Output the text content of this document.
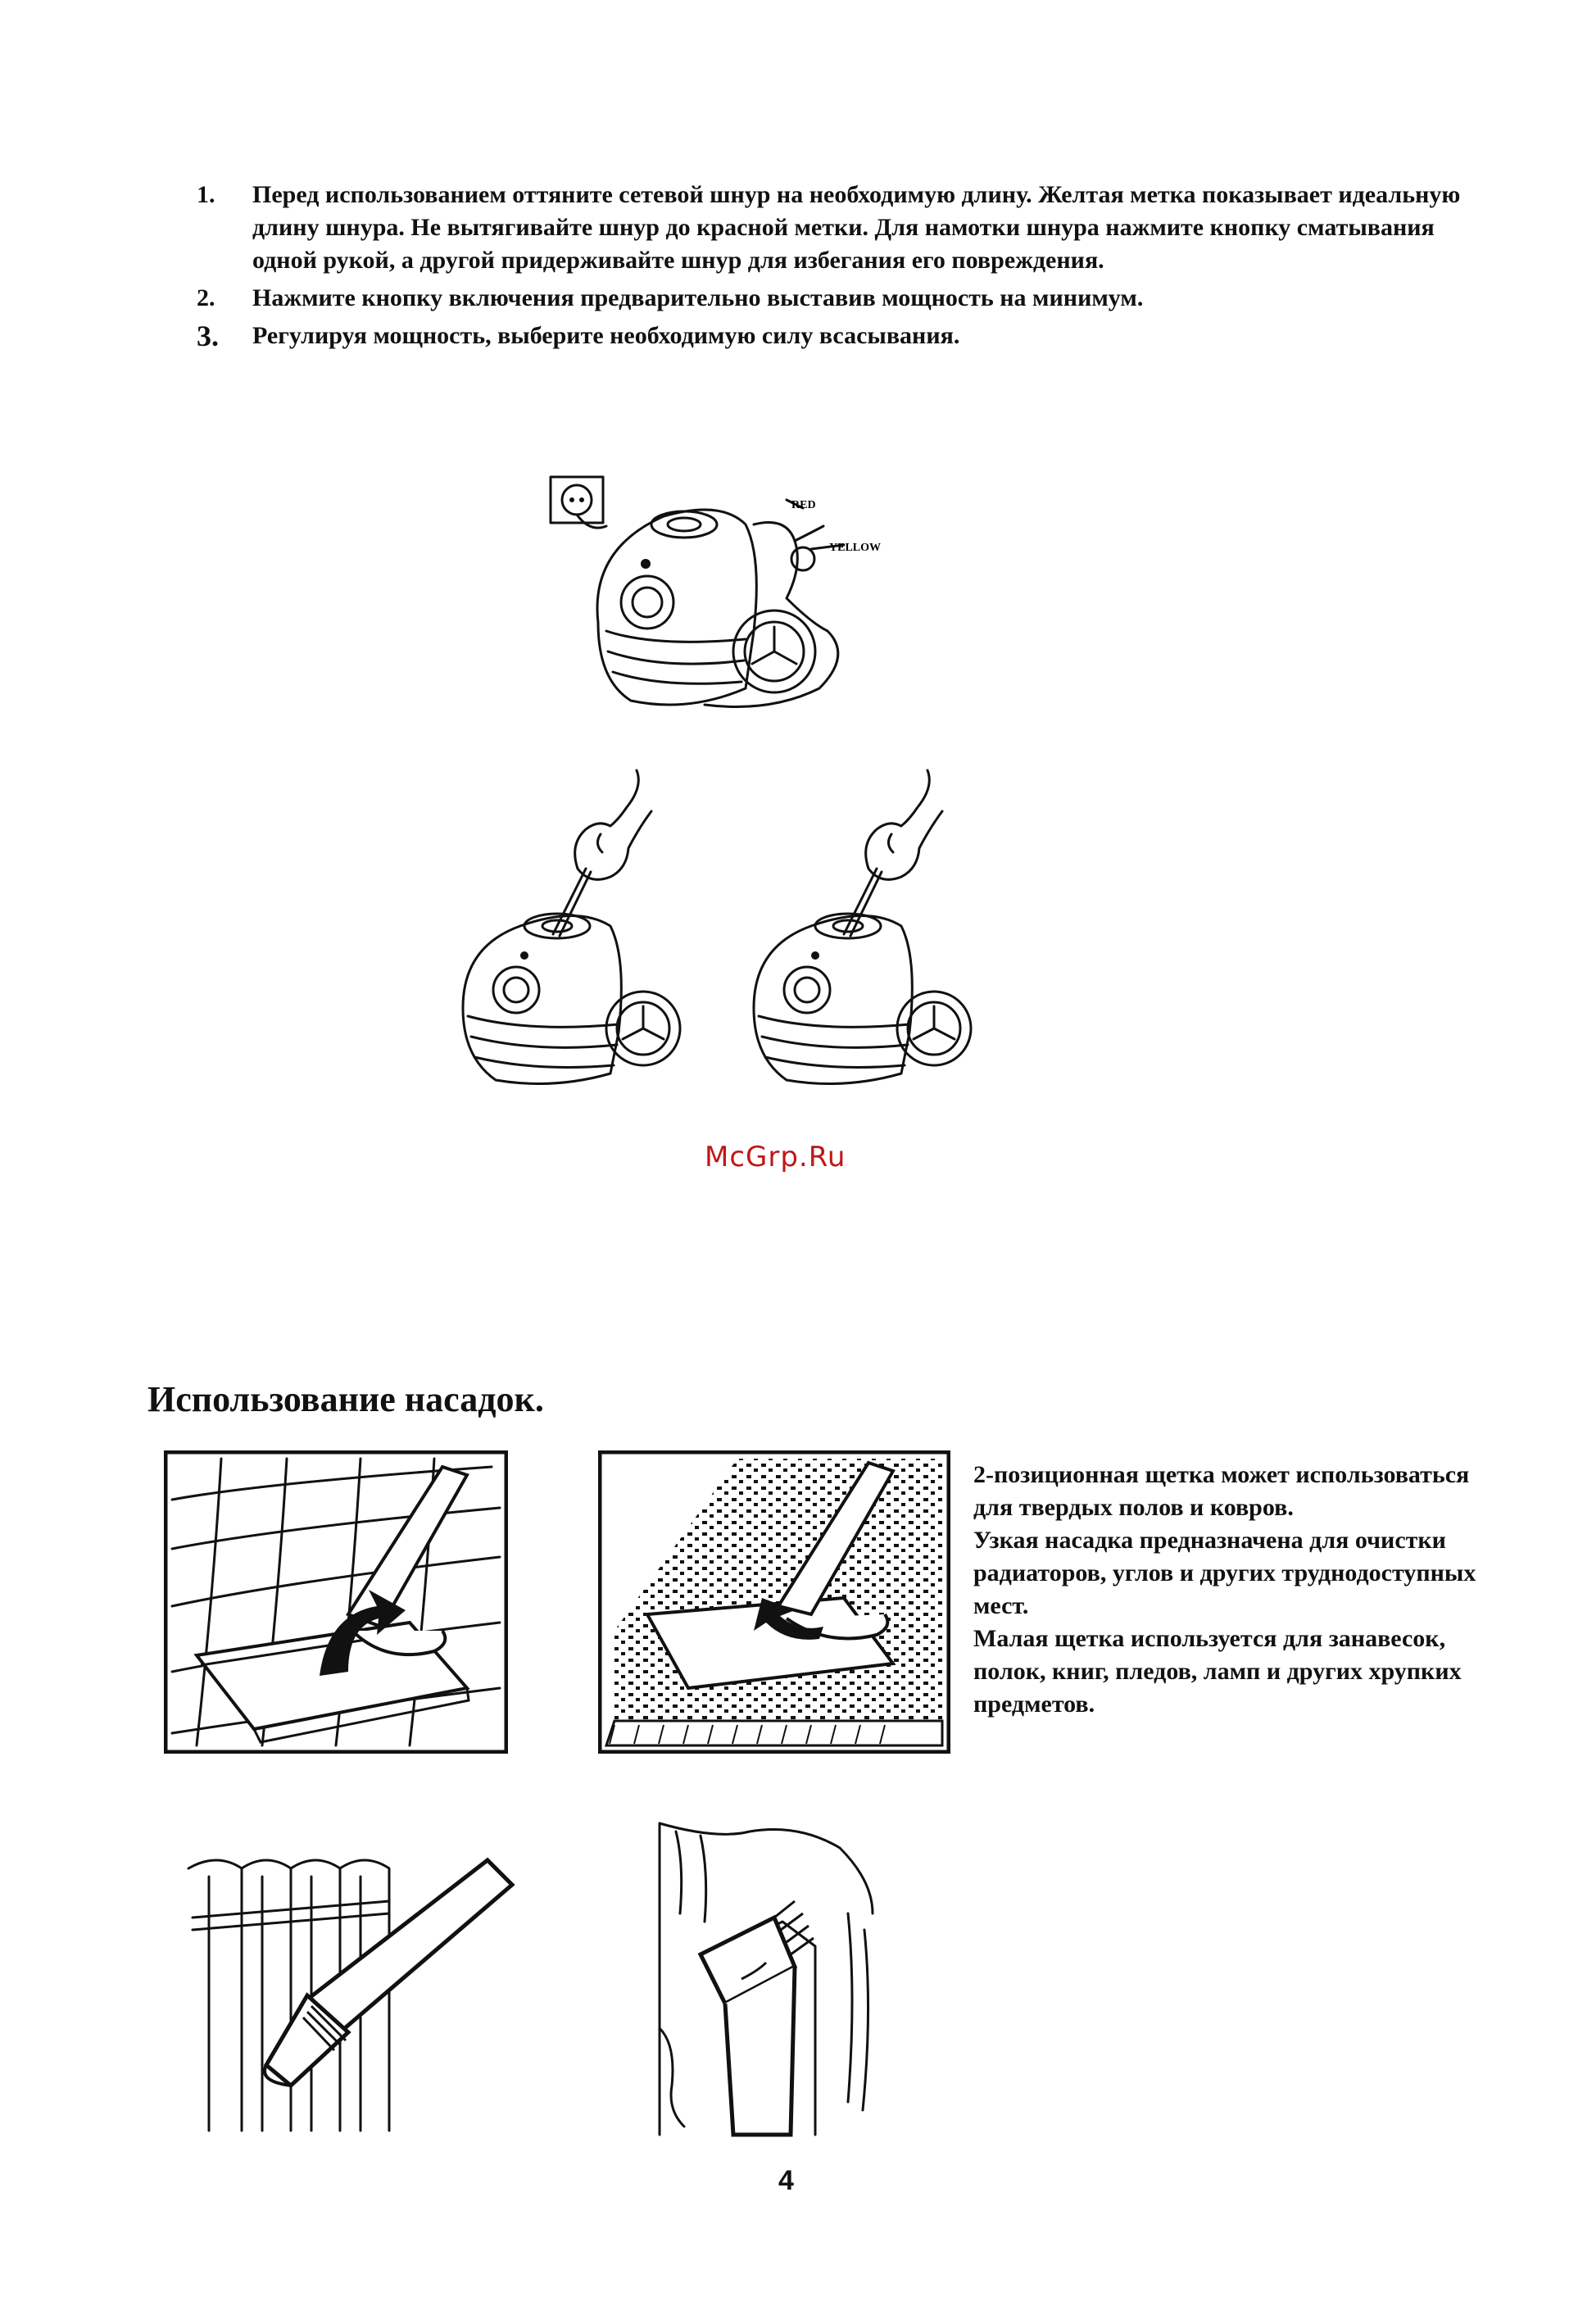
1. Перед использованием оттяните сетевой шнур на необходимую длину. Желтая метка показывает идеальную длину шнура. Не вытягивайте шнур до красной метки. Для намотки шнура нажмите кнопку сматывания одной рукой, а другой придерживайте шнур для избегания его повреждения.
2. Нажмите кнопку включения предварительно выставив мощность на минимум.
3. Регулируя мощность, выберите необходимую силу всасывания.
RED
YELLOW
McGrp.Ru
Использование насадок.

2-позиционная щетка может использоваться для твердых полов и ковров.

Узкая насадка предназначена для очистки радиаторов, углов и других труднодоступных мест.

Малая щетка используется для занавесок, полок, книг, пледов, ламп и других хрупких предметов.

4
